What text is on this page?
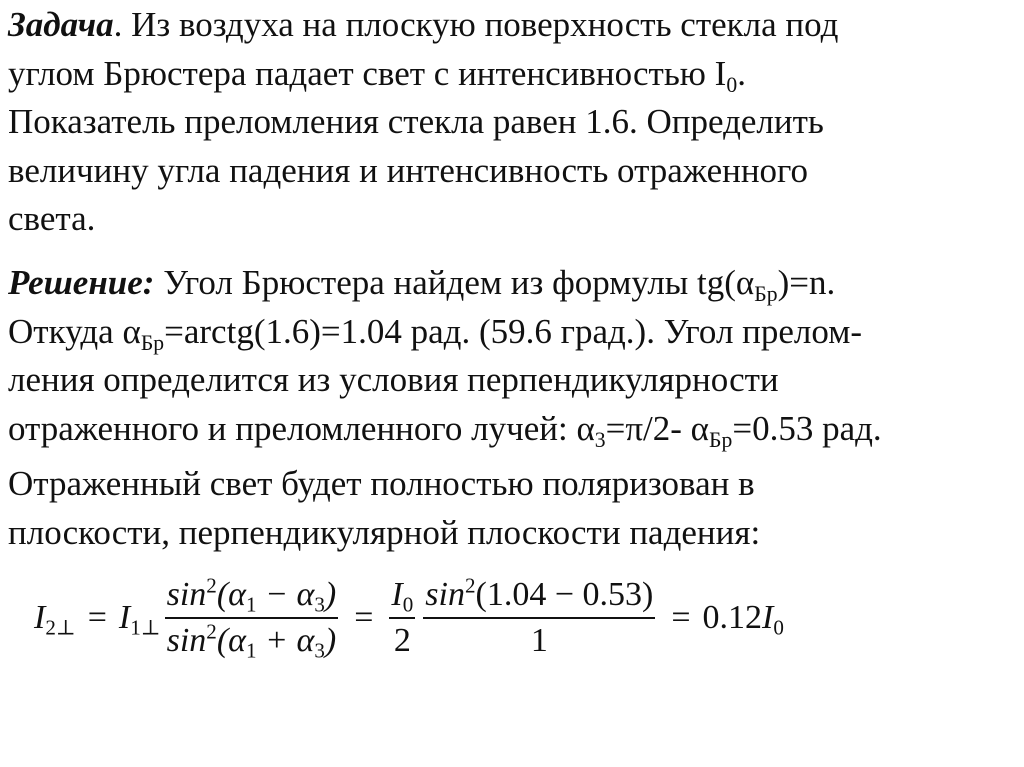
Задача. Из воздуха на плоскую поверхность стекла под
углом Брюстера падает свет с интенсивностью $I_0$.
Показатель преломления стекла равен 1.6. Определить
величину угла падения и интенсивность отраженного
света.

Решение: Угол Брюстера найдем из формулы $tg(\alpha_{Бр})=n$.
Откуда $\alpha_{Бр}=arctg(1.6)=1.04$ рад. (59.6 град.). Угол прелом-
ления определится из условия перпендикулярности
отраженного и преломленного лучей: $\alpha_3=\pi/2-$ $\alpha_{Бр}=0.53$ рад.

Отраженный свет будет полностью поляризован в
плоскости, перпендикулярной плоскости падения:

$I_{2\perp} = I_{1\perp} \frac{\sin^2(\alpha_1 - \alpha_3)}{\sin^2(\alpha_1 + \alpha_3)} = \frac{I_0}{2} \frac{\sin^2(1.04 - 0.53)}{1} = 0.12I_0$
